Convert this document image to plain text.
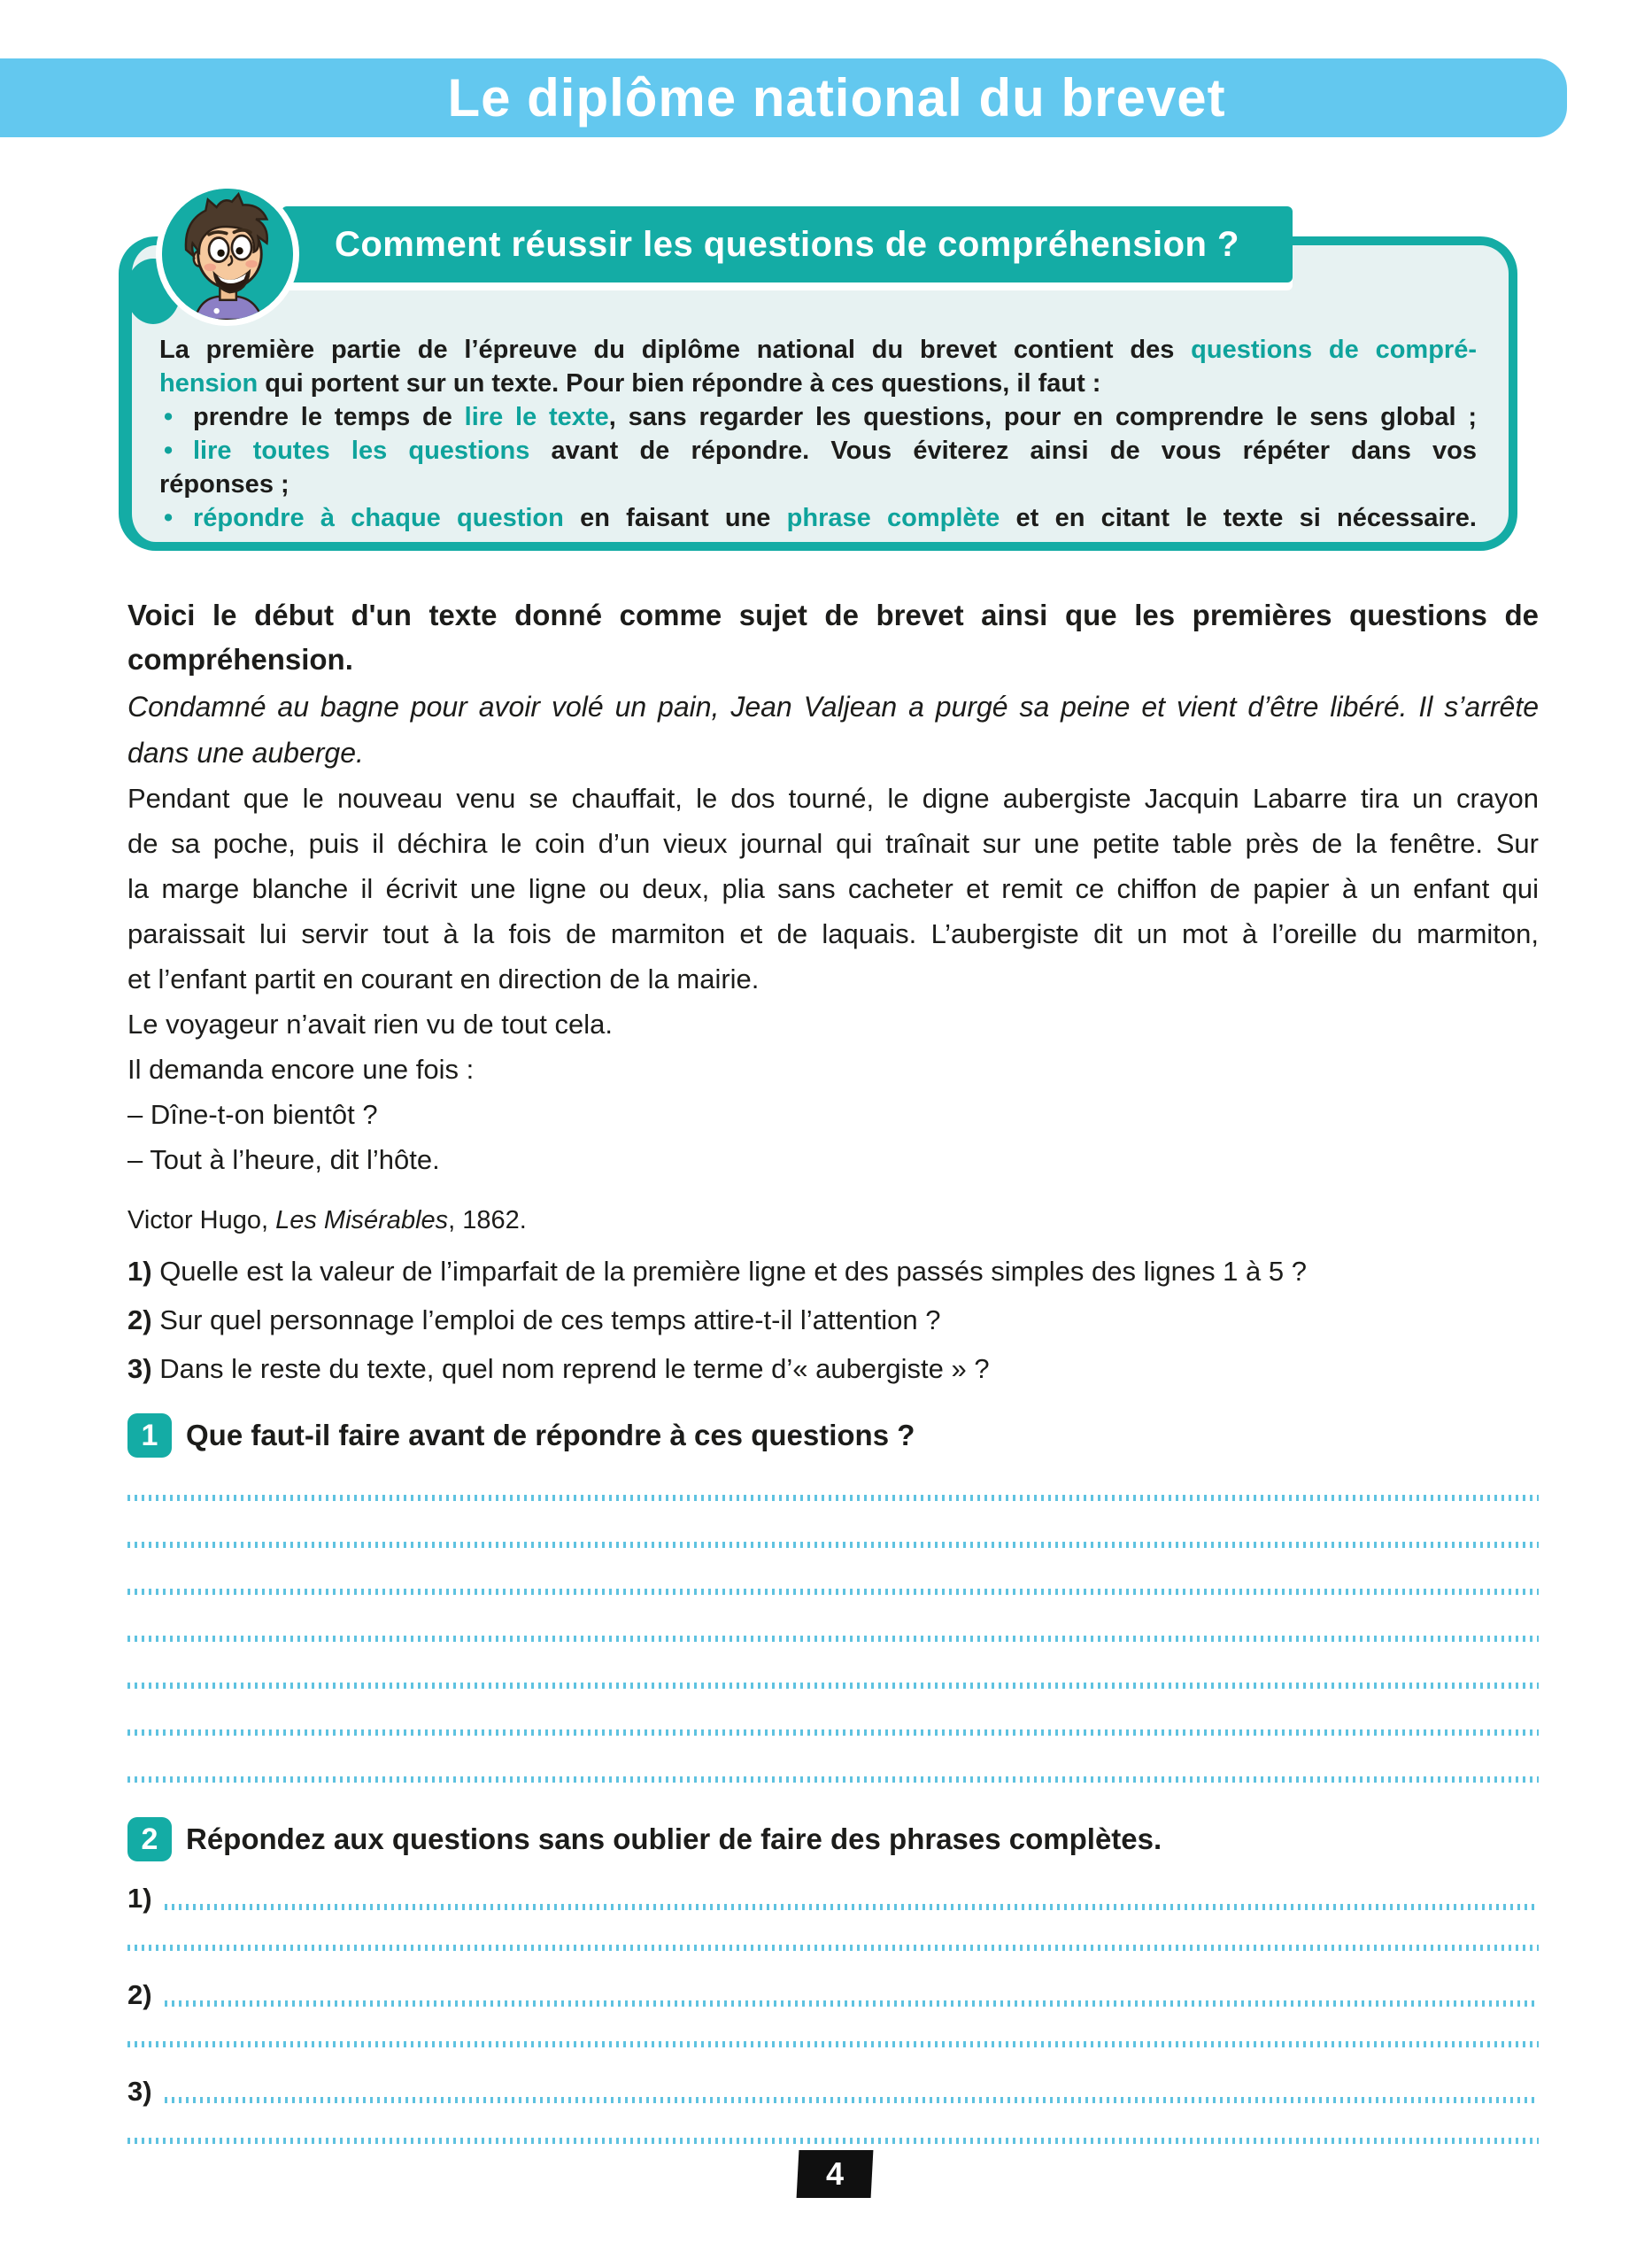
Le diplôme national du brevet
La première partie de l’épreuve du diplôme national du brevet contient des questions de compré-
hension qui portent sur un texte. Pour bien répondre à ces questions, il faut :
• prendre le temps de lire le texte, sans regarder les questions, pour en comprendre le sens global ;
• lire toutes les questions avant de répondre. Vous éviterez ainsi de vous répéter dans vos
réponses ;
• répondre à chaque question en faisant une phrase complète et en citant le texte si nécessaire.
Comment réussir les questions de compréhension ?
Voici le début d'un texte donné comme sujet de brevet ainsi que les premières questions de
compréhension.
Condamné au bagne pour avoir volé un pain, Jean Valjean a purgé sa peine et vient d’être libéré. Il s’arrête
dans une auberge.
Pendant que le nouveau venu se chauffait, le dos tourné, le digne aubergiste Jacquin Labarre tira un crayon
de sa poche, puis il déchira le coin d’un vieux journal qui traînait sur une petite table près de la fenêtre. Sur
la marge blanche il écrivit une ligne ou deux, plia sans cacheter et remit ce chiffon de papier à un enfant qui
paraissait lui servir tout à la fois de marmiton et de laquais. L’aubergiste dit un mot à l’oreille du marmiton,
et l’enfant partit en courant en direction de la mairie.
Le voyageur n’avait rien vu de tout cela.
Il demanda encore une fois :
– Dîne-t-on bientôt ?
– Tout à l’heure, dit l’hôte.
Victor Hugo, Les Misérables, 1862.
1) Quelle est la valeur de l’imparfait de la première ligne et des passés simples des lignes 1 à 5 ?
2) Sur quel personnage l’emploi de ces temps attire-t-il l’attention ?
3) Dans le reste du texte, quel nom reprend le terme d’« aubergiste » ?
1 Que faut-il faire avant de répondre à ces questions ?
2 Répondez aux questions sans oublier de faire des phrases complètes.
1)
2)
3)
4
